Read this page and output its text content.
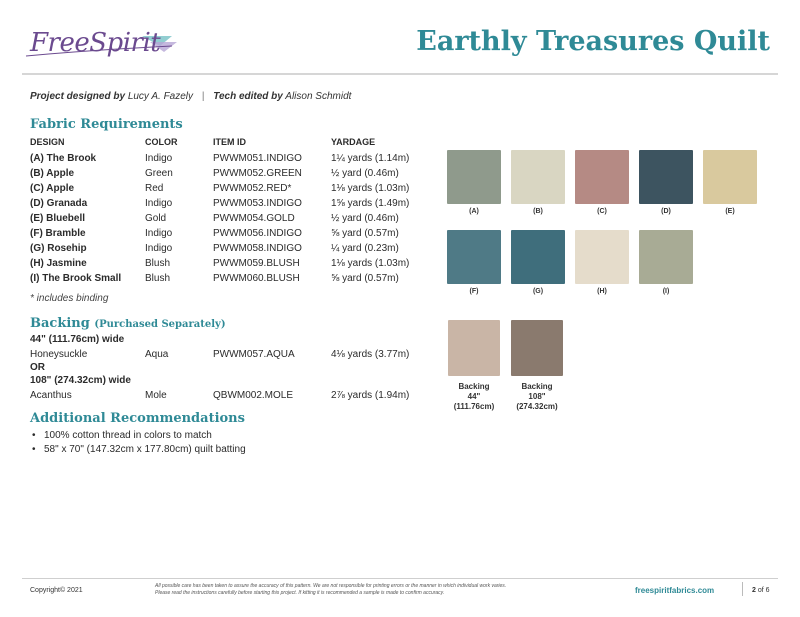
FreeSpirit	Earthly Treasures Quilt
Project designed by Lucy A. Fazely | Tech edited by Alison Schmidt
Fabric Requirements
DESIGN	COLOR	ITEM ID	YARDAGE
(A) The Brook	Indigo	PWWM051.INDIGO	1¼ yards (1.14m)
(B) Apple	Green	PWWM052.GREEN	½ yard (0.46m)
(C) Apple	Red	PWWM052.RED*	1⅛ yards (1.03m)
(D) Granada	Indigo	PWWM053.INDIGO	1⅝ yards (1.49m)
(E) Bluebell	Gold	PWWM054.GOLD	½ yard (0.46m)
(F) Bramble	Indigo	PWWM056.INDIGO	⅝ yard (0.57m)
(G) Rosehip	Indigo	PWWM058.INDIGO	¼ yard (0.23m)
(H) Jasmine	Blush	PWWM059.BLUSH	1⅛ yards (1.03m)
(I) The Brook Small	Blush	PWWM060.BLUSH	⅝ yard (0.57m)
* includes binding
(A)	(B)	(C)	(D)	(E)
(F)	(G)	(H)	(I)
Backing (Purchased Separately)
44" (111.76cm) wide
Honeysuckle	Aqua	PWWM057.AQUA	4⅛ yards (3.77m)
OR
108" (274.32cm) wide
Acanthus	Mole	QBWM002.MOLE	2⅞ yards (1.94m)
Backing
44"
(111.76cm)
Backing
108"
(274.32cm)
Additional Recommendations
• 100% cotton thread in colors to match
• 58" x 70" (147.32cm x 177.80cm) quilt batting
Copyright© 2021
All possible care has been taken to assure the accuracy of this pattern. We are not responsible for printing errors or the manner in which individual work varies.
Please read the instructions carefully before starting this project. If kitting it is recommended a sample is made to confirm accuracy.	freespiritfabrics.com	2 of 6
